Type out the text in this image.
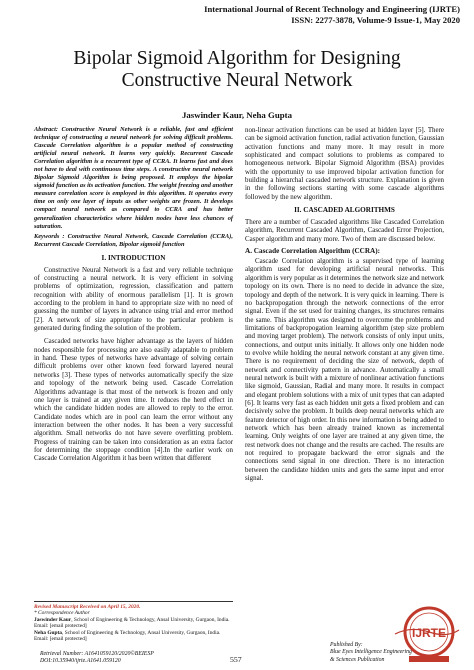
International Journal of Recent Technology and Engineering (IJRTE)
ISSN: 2277-3878, Volume-9 Issue-1, May 2020
Bipolar Sigmoid Algorithm for Designing
Constructive Neural Network
Jaswinder Kaur, Neha Gupta

Abstract: Constructive Neural Network is a reliable, fast and efficient technique of constructing a neural network for solving difficult problems. Cascade Correlation algorithm is a popular method of constructing artificial neural network. It learns very quickly. Recurrent Cascade Correlation algorithm is a recurrent type of CCRA. It learns fast and does not have to deal with continuous time steps. A constructive neural network Bipolar Sigmoid Algorithm is being proposed. It employs the bipolar sigmoid function as its activation function. The weight freezing and another measure correlation score is employed in this algorithm. It operates every time on only one layer of inputs as other weights are frozen. It develops compact neural network as compared to CCRA and has better generalization characteristics where hidden nodes have less chances of saturation.

Keywords : Constructive Neural Network, Cascade Correlation (CCRA), Recurrent Cascade Correlation, Bipolar sigmoid function

I. INTRODUCTION

Constructive Neural Network is a fast and very reliable technique of constructing a neural network. It is very efficient in solving problems of optimization, regression, classification and pattern recognition with ability of enormous parallelism [1]. It is grown according to the problem in hand to appropriate size with no need of guessing the number of layers in advance using trial and error method [2]. A network of size appropriate to the particular problem is generated during finding the solution of the problem.

Cascaded networks have higher advantage as the layers of hidden nodes responsible for processing are also easily adaptable to problem in hand. These types of networks have advantage of solving certain difficult problems over other known feed forward layered neural networks [3]. These types of networks automatically specify the size and topology of the network being used. Cascade Correlation Algorithms advantage is that most of the network is frozen and only one layer is trained at any given time. It reduces the herd effect in which the candidate hidden nodes are allowed to reply to the error. Candidate nodes which are in pool can learn the error without any interaction between the other nodes. It has been a very successful algorithm. Small networks do not have severe overfitting problem. Progress of training can be taken into consideration as an extra factor for determining the stoppage condition [4].In the earlier work on Cascade Correlation Algorithm it has been written that different

non-linear activation functions can be used at hidden layer [5]. There can be sigmoid activation function, radial activation function, Gaussian activation functions and many more. It may result in more sophisticated and compact solutions to problems as compared to homogeneous network. Bipolar Sigmoid Algorithm (BSA) provides with the opportunity to use improved bipolar activation function for building a hierarchal cascaded network structure. Explanation is given in the following sections starting with some cascade algorithms followed by the new algorithm.

II. CASCADED ALGORITHMS

There are a number of Cascaded algorithms like Cascaded Correlation algorithm, Recurrent Cascaded Algorithm, Cascaded Error Projection, Casper algorithm and many more. Two of them are discussed below.

A. Cascade Correlation Algorithm (CCRA):

Cascade Correlation algorithm is a supervised type of learning algorithm used for developing artificial neural networks. This algorithm is very popular as it determines the network size and network topology on its own. There is no need to decide in advance the size, topology and depth of the network. It is very quick in learning. There is no backpropogation through the network connections of the error signal. Even if the set used for training changes, its structures remains the same. This algorithm was designed to overcome the problems and limitations of backpropogation learning algorithm (step size problem and moving target problem). The network consists of only input units, connections, and output units initially. It allows only one hidden node to evolve while holding the neural network constant at any given time. There is no requirement of deciding the size of network, depth of network and connectivity pattern in advance. Automatically a small neural network is built with a mixture of nonlinear activation functions like sigmoid, Gaussian, Radial and many more. It results in compact and elegant problem solutions with a mix of unit types that can adapted [6]. It learns very fast as each hidden unit gets a fixed problem and can decisively solve the problem. It builds deep neural networks which are feature detector of high order. In this new information is being added to network which has been already trained known as incremental learning. Only weights of one layer are trained at any given time, the rest network does not change and the results are cached. The results are not required to propagate backward the error signals and the connections send signal in one direction. There is no interaction between the candidate hidden units and gets the same input and error signal.

Revised Manuscript Received on April 15, 2020.
* Correspondence Author
Jaswinder Kaur, School of Engineering & Technology, Ansal University, Gurgaon, India. Email: [email protected]
Neha Gupta, School of Engineering & Technology, Ansal University, Gurgaon, India. Email: [email protected]
Retrieval Number: A1641059120/2020©BEIESP
DOI:10.35940/ijrte.A1641.059120	557
Published By:
Blue Eyes Intelligence Engineering
& Sciences Publication
IJRTE
